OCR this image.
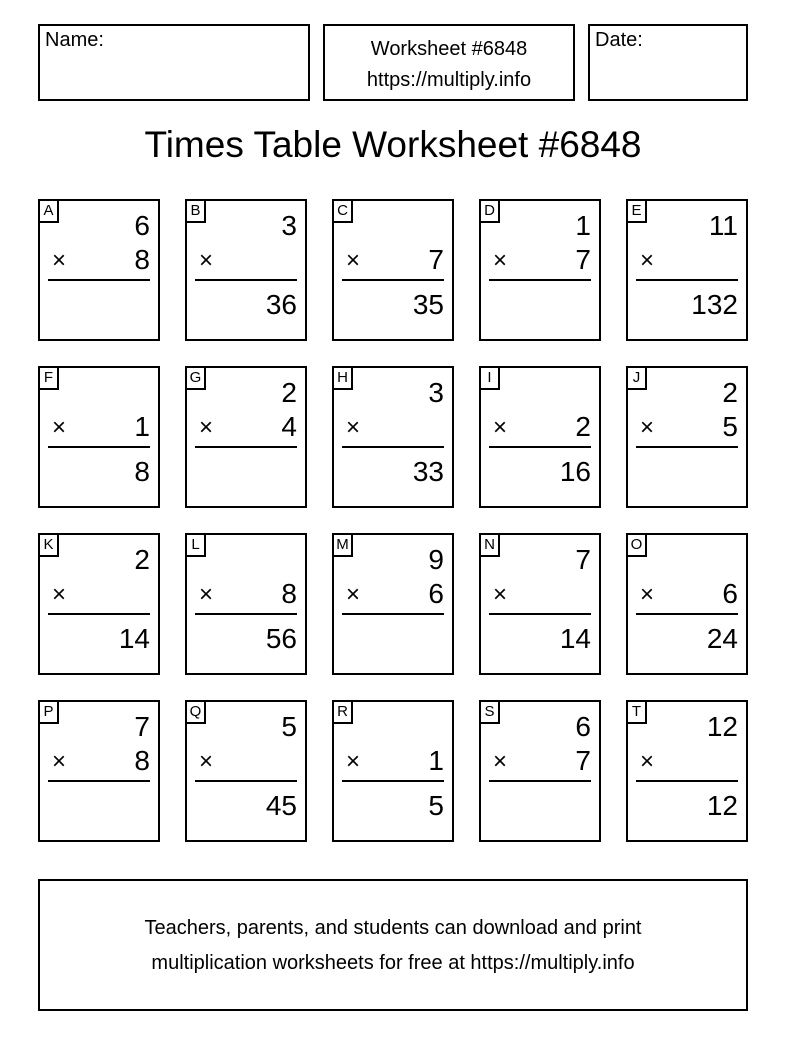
Name:	Worksheet #6848
https://multiply.info
Date:
Times Table Worksheet #6848
A	6
× 8
B	3
×
36
C
× 7
35
D	1
× 7
E 11
×
132
F
× 1
8
G	2
× 4
H	3
×
33
I
× 2
16
J	2
× 5
K	2
×
14
L
× 8
56
M	9
× 6
N	7
×
14
O
× 6
24
P	7
× 8
Q	5
×
45
R
× 1
5
S	6
× 7
T 12
×
12
Teachers, parents, and students can download and print
multiplication worksheets for free at https://multiply.info
